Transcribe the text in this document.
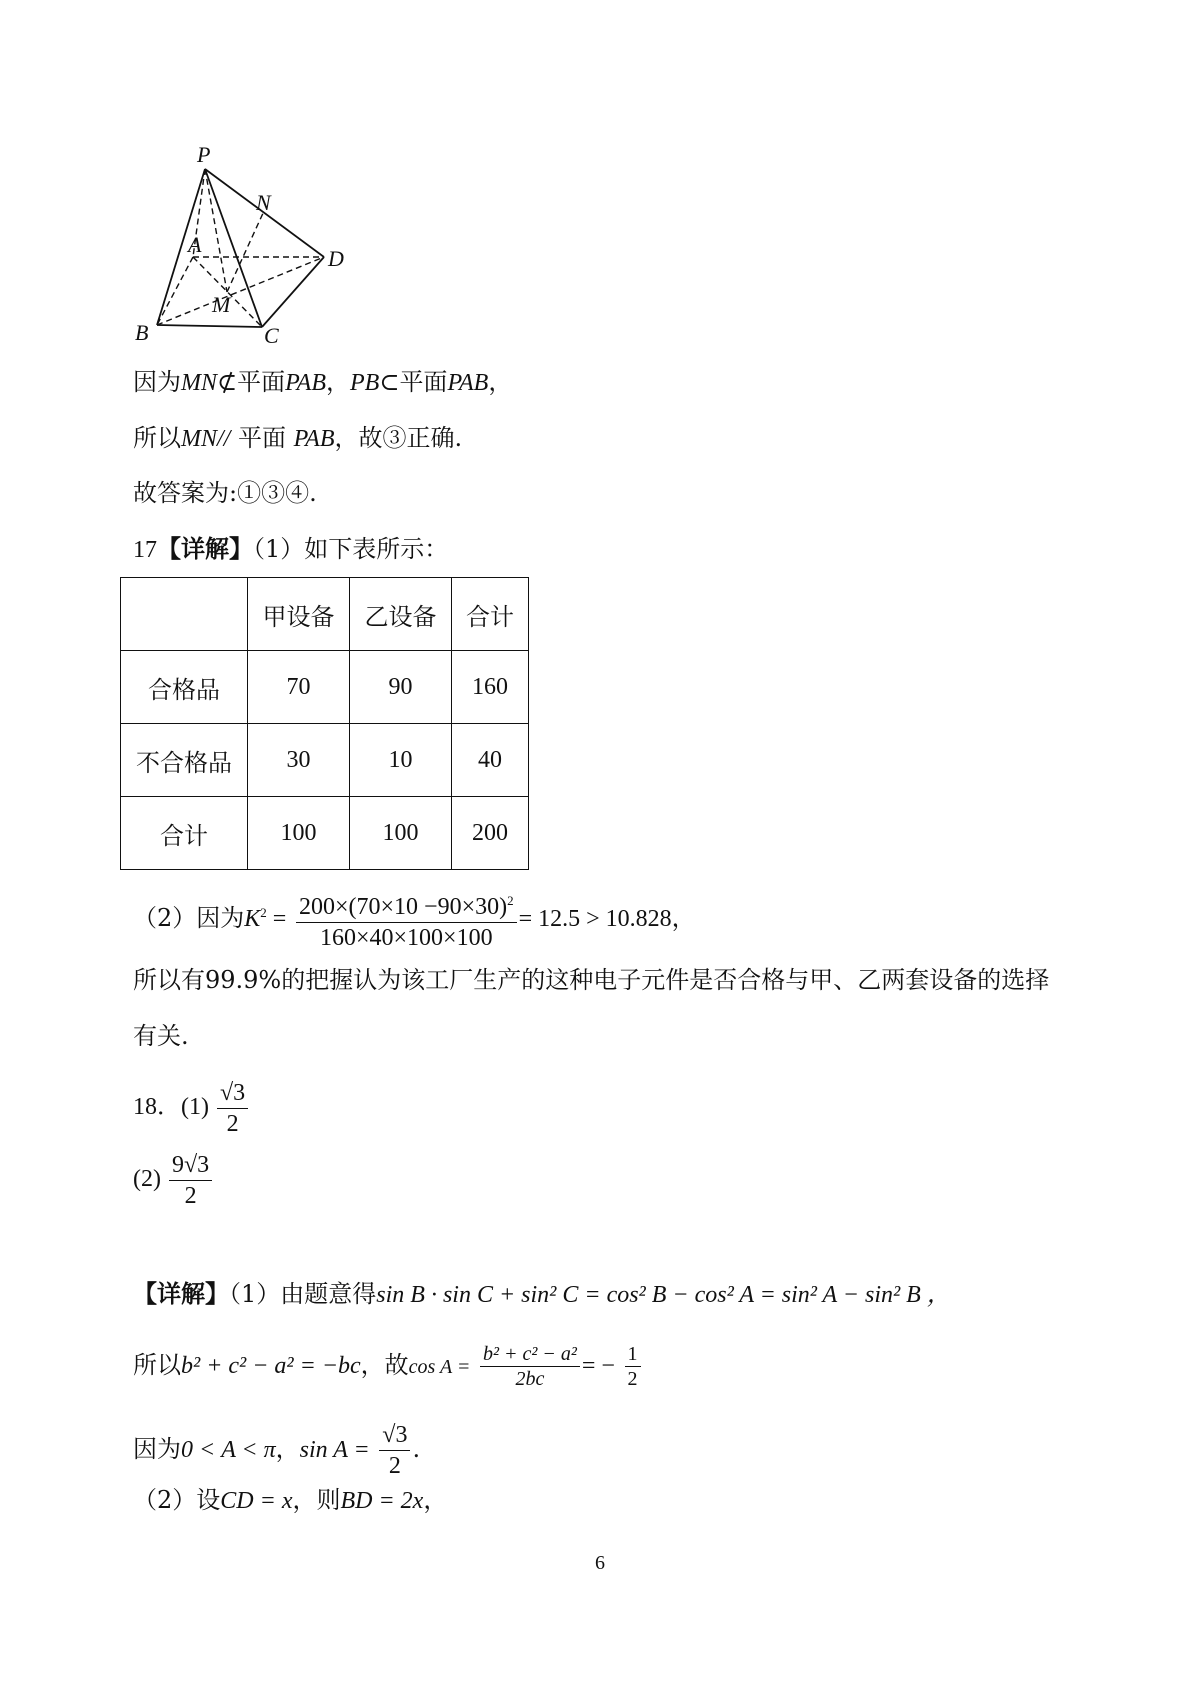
P
N
A
D
M
B	C
因为MN⊄平面PAB，PB⊂平面PAB，
所以MN// 平面 PAB，故③正确.
故答案为:①③④.
17【详解】（1）如下表所示：
	甲设备	乙设备	合计
合格品	70	90	160
不合格品	30	10	40
合计	100	100	200
（2）因为$K^2 = \frac{200\times(70\times 10 -90\times 30)^2}{160\times 40\times 100\times 100} = 12.5 > 10.828$，
所以有99.9%的把握认为该工厂生产的这种电子元件是否合格与甲、乙两套设备的选择
有关.
18．$(1) \frac{√3}{2}$
$(2) \frac{9√3}{2}$
【详解】（1）由题意得sin B · sin C + sin² C = cos² B − cos² A = sin² A − sin² B ，
所以b² + c² − a² = −bc，故$\cos A = \frac{\text{b² + c² − a²}}{2bc}$ = − $\frac{1}{2}$
因为0 < A < π，$\sin A = \frac{√3}{2}$ .
（2）设CD = x，则BD = 2x，
6
